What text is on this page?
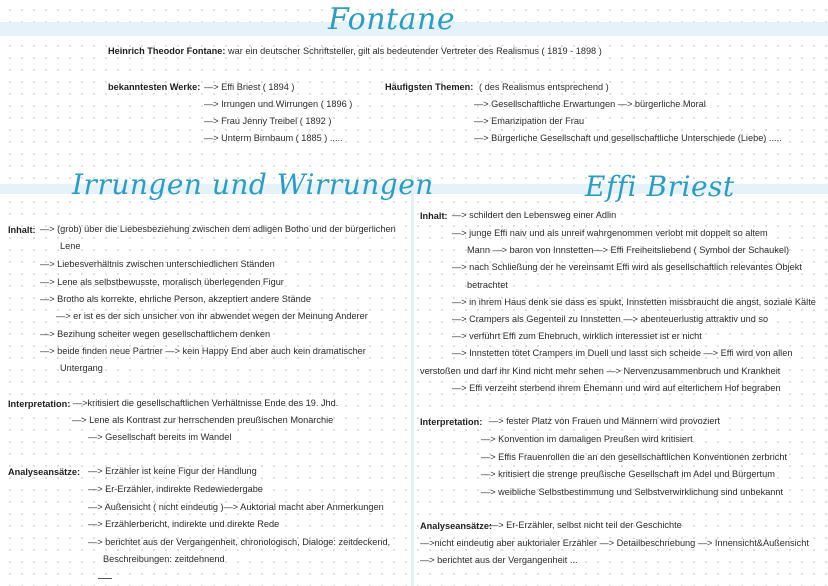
Fontane
Heinrich Theodor Fontane: war ein deutscher Schriftsteller, gilt als bedeutender Vertreter des Realismus ( 1819 - 1898 )
bekanntesten Werke: —> Effi Briest ( 1894 )
—> Irrungen und Wirrungen ( 1896 )
—> Frau Jenny Treibel ( 1892 )
—> Unterm Birnbaum ( 1885 ) .....
Häufigsten Themen: ( des Realismus entsprechend )
—> Gesellschaftliche Erwartungen —> bürgerliche Moral
—> Emanzipation der Frau
—> Bürgerliche Gesellschaft und gesellschaftliche Unterschiede (Liebe) .....
Irrungen und Wirrungen
Inhalt: —> (grob) über die Liebesbeziehung zwischen dem adligen Botho und der bürgerlichen
Lene
—> Liebesverhältnis zwischen unterschiedlichen Ständen
—> Lene als selbstbewusste, moralisch überlegenden Figur
—> Brotho als korrekte, ehrliche Person, akzeptiert andere Stände
—> er ist es der sich unsicher von ihr abwendet wegen der Meinung Anderer
—> Bezihung scheiter wegen gesellschaftlichem denken
—> beide finden neue Partner —> kein Happy End aber auch kein dramatischer
Untergang
Interpretation: —>kritisiert die gesellschaftlichen Verhältnisse Ende des 19. Jhd.
—> Lene als Kontrast zur herrschenden preußischen Monarchie
—> Gesellschaft bereits im Wandel
Analyseansätze: —> Erzähler ist keine Figur der Handlung
—> Er-Erzähler, indirekte Redewiedergabe
—> Außensicht ( nicht eindeutig )—> Auktorial macht aber Anmerkungen
—> Erzählerbericht, indirekte und direkte Rede
—> berichtet aus der Vergangenheit, chronologisch, Dialoge: zeitdeckend,
Beschreibungen: zeitdehnend
Effi Briest
Inhalt: —> schildert den Lebensweg einer Adlin
—> junge Effi naiv und als unreif wahrgenommen verlobt mit doppelt so altem
Mann —> baron von Innstetten—> Effi Freiheitsliebend ( Symbol der Schaukel)
—> nach Schließung der he vereinsamt Effi wird als gesellschaftlich relevantes Objekt
betrachtet
—> in ihrem Haus denk sie dass es spukt, Innstetten missbraucht die angst, soziale Kälte
—> Crampers als Gegenteil zu Innstetten —> abenteuerlustig attraktiv und so
—> verführt Effi zum Ehebruch, wirklich interessiet ist er nicht
—> Innstetten tötet Crampers im Duell und lasst sich scheide —> Effi wird von allen
verstoßen und darf ihr Kind nicht mehr sehen —> Nervenzusammenbruch und Krankheit
—> Effi verzeiht sterbend ihrem Ehemann und wird auf elterlichem Hof begraben
Interpretation: —> fester Platz von Frauen und Männern wird provoziert
—> Konvention im damaligen Preußen wird kritisiert
—> Effis Frauenrollen die an den gesellschaftlichen Konventionen zerbricht
—> kritisiert die strenge preußische Gesellschaft im Adel und Bürgertum
—> weibliche Selbstbestimmung und Selbstverwirklichung sind unbekannt
Analyseansätze:
—> Er-Erzähler, selbst nicht teil der Geschichte
—>nicht eindeutig aber auktorialer Erzähler —> Detailbeschriebung —> Innensicht&Außensicht
—> berichtet aus der Vergangenheit ...
